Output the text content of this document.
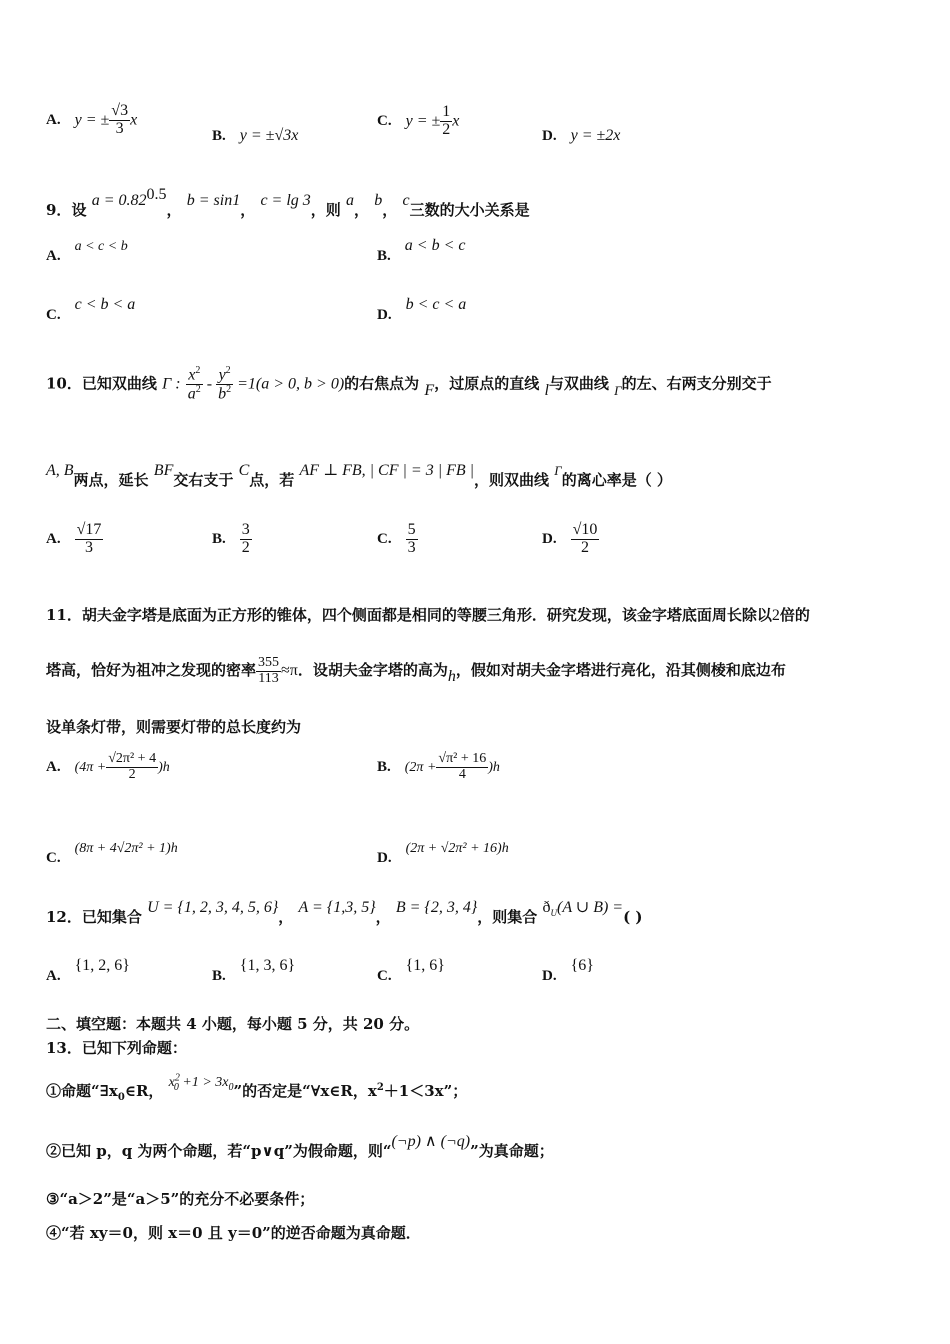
A. y = ± $\frac{√3}{3}$ x
B. y = ±√3x
C. y = ± $\frac{1}{2}$ x
D. y = ±2x
9．设 $a = 0.82^{0.5}$， b = sin1， c = lg 3，则 a， b， c三数的大小关系是
A.a < c < b
B.a < b < c
C.c < b < a
D.b < c < a
10．已知双曲线 Γ : $\frac{x^2}{a^2} - \frac{y^2}{b^2} =1(a > 0$, b > 0)的右焦点为 F，过原点的直线 l与双曲线 Γ的左、右两支分别交于
A, B两点，延长 BF交右支于 C点，若 AF ⊥ FB, | CF | = 3 | FB |，则双曲线 Γ的离心率是（ ）
A. $\frac{√17}{3}$	B. $\frac{3}{2}$	C. $\frac{5}{3}$	D. $\frac{√10}{2}$
11．胡夫金字塔是底面为正方形的锥体，四个侧面都是相同的等腰三角形．研究发现，该金字塔底面周长除以2倍的
塔高，恰好为祖冲之发现的密率 $\frac{355}{113} \approx\pi$．设胡夫金字塔的高为h，假如对胡夫金字塔进行亮化，沿其侧棱和底边布
设单条灯带，则需要灯带的总长度约为
A. $(4\pi + \frac{\text{√2π² + 4}}{2} )h$	B. $(2\pi + \frac{\text{√π² + 16}}{4} )h$
C.(8π + 4√2π² + 1)h
D.(2π + √2π² + 16)h
12．已知集合 U = {1, 2, 3, 4, 5, 6}， A = {1,3, 5}， B = {2, 3, 4}，则集合 $ð_U(A$ ∪ B) =( )
A.{1, 2, 6}
B.{1, 3, 6}
C.{1, 6}
D.{6}
二、填空题：本题共 4 小题，每小题 5 分，共 20 分。
13．已知下列命题：
①命题“$\exists x_0\in R$， $x^2_0 +1 > 3x_0$”的否定是“∀x∈R，$x^2+1<3x$”；
②已知 p，q 为两个命题，若“p∨q”为假命题，则“(¬p) ∧ (¬q)”为真命题；
③“a＞2”是“a＞5”的充分不必要条件；
④“若 xy＝0，则 x＝0 且 y＝0”的逆否命题为真命题．
